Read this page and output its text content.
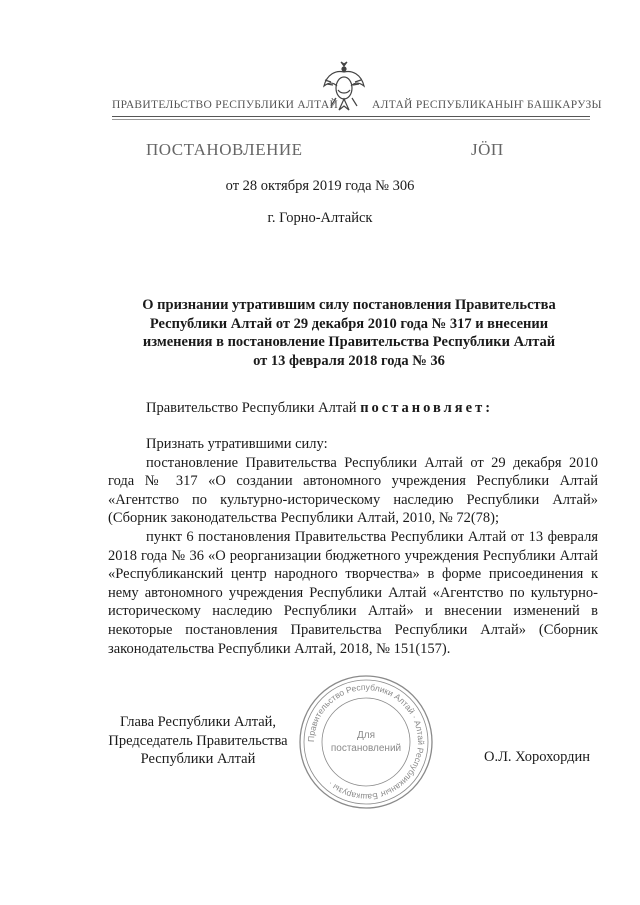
ПРАВИТЕЛЬСТВО РЕСПУБЛИКИ АЛТАЙ	АЛТАЙ РЕСПУБЛИКАНЫҤ БАШКАРУЗЫ
ПОСТАНОВЛЕНИЕ	JÖП
от 28 октября 2019 года № 306
г. Горно-Алтайск
О признании утратившим силу постановления Правительства
Республики Алтай от 29 декабря 2010 года № 317 и внесении
изменения в постановление Правительства Республики Алтай
от 13 февраля 2018 года № 36
Правительство Республики Алтай постановляет:

Признать утратившими силу:

постановление Правительства Республики Алтай от 29 декабря 2010 года № 317 «О создании автономного учреждения Республики Алтай «Агентство по культурно-историческому наследию Республики Алтай» (Сборник законодательства Республики Алтай, 2010, № 72(78);

пункт 6 постановления Правительства Республики Алтай от 13 февраля 2018 года № 36 «О реорганизации бюджетного учреждения Республики Алтай «Республиканский центр народного творчества» в форме присоединения к нему автономного учреждения Республики Алтай «Агентство по культурно-историческому наследию Республики Алтай» и внесении изменений в некоторые постановления Правительства Республики Алтай» (Сборник законодательства Республики Алтай, 2018, № 151(157).

Правительство Республики Алтай · Алтай Республиканыҥ Башкарузы ·
Для
постановлений
Глава Республики Алтай,
Председатель Правительства
Республики Алтай	О.Л. Хорохордин
